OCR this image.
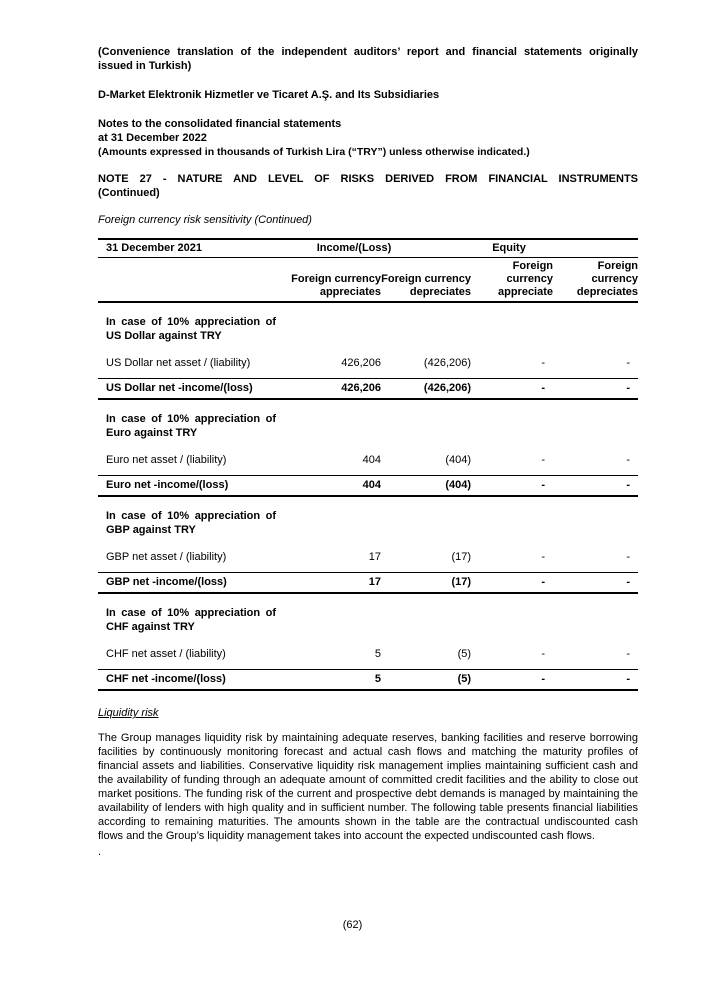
(Convenience translation of the independent auditors’ report and financial statements originally
issued in Turkish)
D-Market Elektronik Hizmetler ve Ticaret A.Ş. and Its Subsidiaries
Notes to the consolidated financial statements
at 31 December 2022
(Amounts expressed in thousands of Turkish Lira (“TRY”) unless otherwise indicated.)
NOTE 27 - NATURE AND LEVEL OF RISKS DERIVED FROM FINANCIAL INSTRUMENTS
(Continued)
Foreign currency risk sensitivity (Continued)
31 December 2021	Income/(Loss)		Equity	
	Foreign currency appreciates	Foreign currency depreciates	Foreign currency appreciate	Foreign currency depreciates

In case of 10% appreciation of
US Dollar against TRY				

US Dollar net asset / (liability)	426,206	(426,206)	-	-
US Dollar net -income/(loss)	426,206	(426,206)	-	-

In case of 10% appreciation of
Euro against TRY				

Euro net asset / (liability)	404	(404)	-	-
Euro net -income/(loss)	404	(404)	-	-

In case of 10% appreciation of
GBP against TRY				

GBP net asset / (liability)	17	(17)	-	-
GBP net -income/(loss)	17	(17)	-	-

In case of 10% appreciation of
CHF against TRY				

CHF net asset / (liability)	5	(5)	-	-
CHF net -income/(loss)	5	(5)	-	-
Liquidity risk

The Group manages liquidity risk by maintaining adequate reserves, banking facilities and reserve borrowing facilities by continuously monitoring forecast and actual cash flows and matching the maturity profiles of financial assets and liabilities. Conservative liquidity risk management implies maintaining sufficient cash and the availability of funding through an adequate amount of committed credit facilities and the ability to close out market positions. The funding risk of the current and prospective debt demands is managed by maintaining the availability of lenders with high quality and in sufficient number. The following table presents financial liabilities according to remaining maturities. The amounts shown in the table are the contractual undiscounted cash flows and the Group’s liquidity management takes into account the expected undiscounted cash flows.

.
(62)
